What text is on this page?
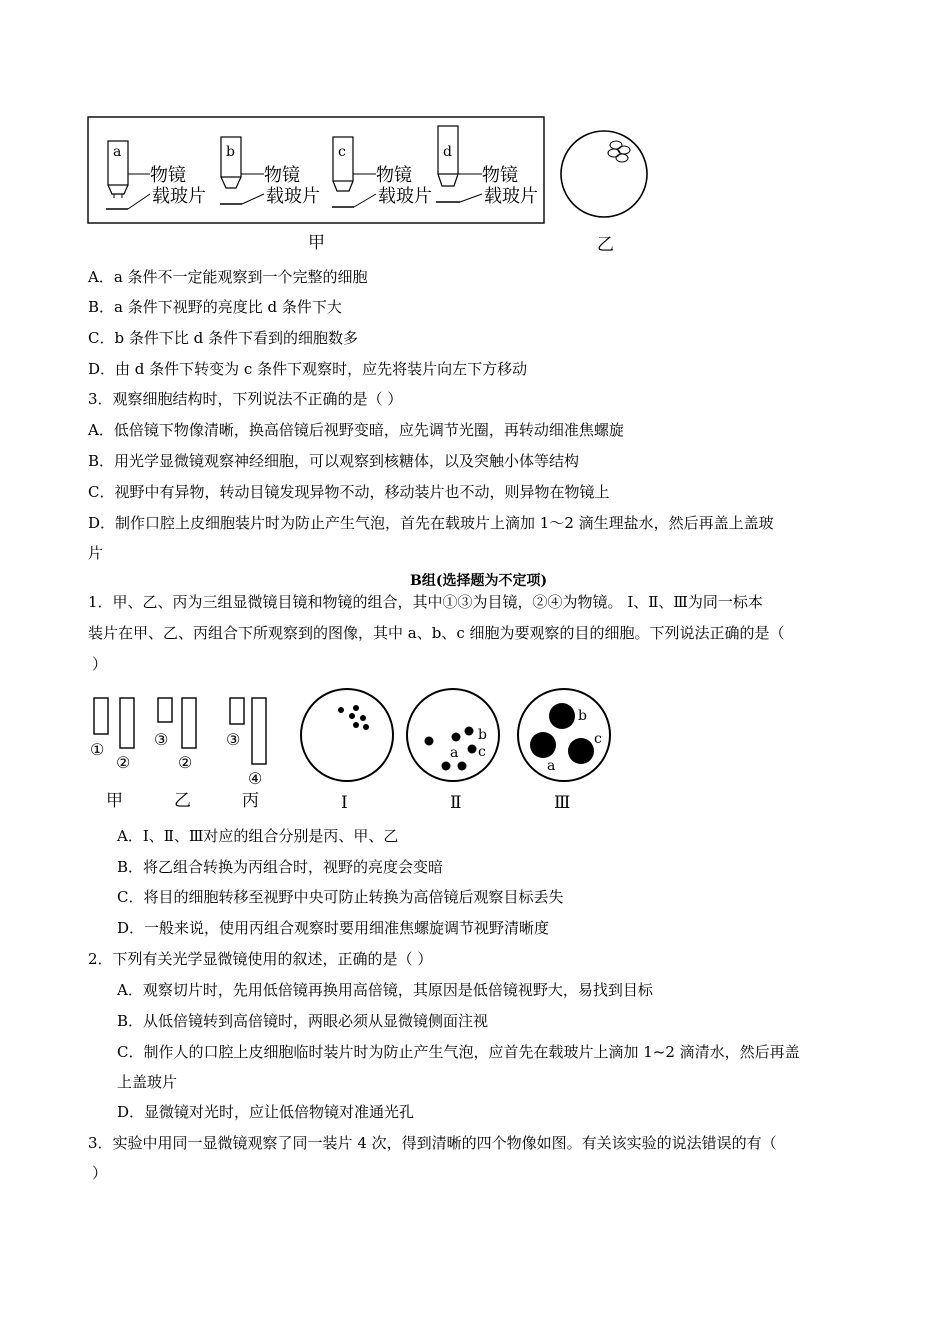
a
物镜
载玻片
b
物镜
载玻片
c
物镜
载玻片
d
物镜
载玻片
甲	乙
A．a 条件不一定能观察到一个完整的细胞
B．a 条件下视野的亮度比 d 条件下大
C．b 条件下比 d 条件下看到的细胞数多
D．由 d 条件下转变为 c 条件下观察时，应先将装片向左下方移动
3．观察细胞结构时，下列说法不正确的是（ ）
A．低倍镜下物像清晰，换高倍镜后视野变暗，应先调节光圈，再转动细准焦螺旋
B．用光学显微镜观察神经细胞，可以观察到核糖体，以及突触小体等结构
C．视野中有异物，转动目镜发现异物不动，移动装片也不动，则异物在物镜上
D．制作口腔上皮细胞装片时为防止产生气泡，首先在载玻片上滴加 1～2 滴生理盐水，然后再盖上盖玻
片
B组(选择题为不定项)
1．甲、乙、丙为三组显微镜目镜和物镜的组合，其中①③为目镜，②④为物镜。 Ⅰ、Ⅱ、Ⅲ为同一标本
装片在甲、乙、丙组合下所观察到的图像，其中 a、b、c 细胞为要观察的目的细胞。下列说法正确的是（
）
①
②
甲
③
②
乙
③
④
丙	Ⅰ
a
b
c
Ⅱ
a
b
c
Ⅲ
A．Ⅰ、Ⅱ、Ⅲ对应的组合分别是丙、甲、乙
B．将乙组合转换为丙组合时，视野的亮度会变暗
C．将目的细胞转移至视野中央可防止转换为高倍镜后观察目标丢失
D．一般来说，使用丙组合观察时要用细准焦螺旋调节视野清晰度
2．下列有关光学显微镜使用的叙述，正确的是（ ）
A．观察切片时，先用低倍镜再换用高倍镜，其原因是低倍镜视野大，易找到目标
B．从低倍镜转到高倍镜时，两眼必须从显微镜侧面注视
C．制作人的口腔上皮细胞临时装片时为防止产生气泡，应首先在载玻片上滴加 1~2 滴清水，然后再盖
上盖玻片
D．显微镜对光时，应让低倍物镜对准通光孔
3．实验中用同一显微镜观察了同一装片 4 次，得到清晰的四个物像如图。有关该实验的说法错误的有（
）
